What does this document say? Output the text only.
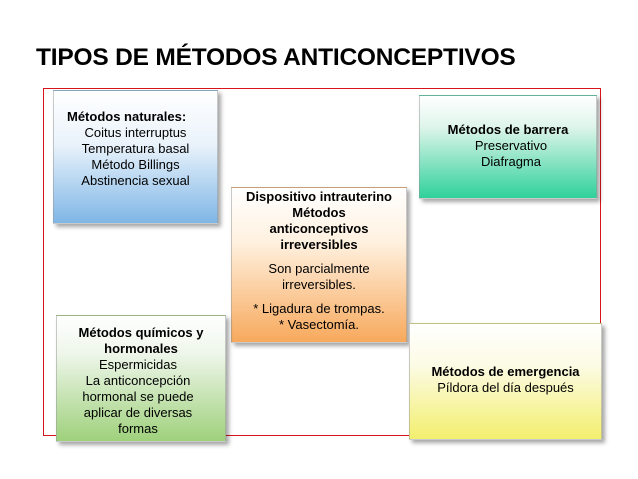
TIPOS DE MÉTODOS ANTICONCEPTIVOS
Métodos naturales:
Coitus interruptus
Temperatura basal
Método Billings
Abstinencia sexual
Métodos de barrera
Preservativo
Diafragma
Dispositivo intrauterino
Métodos
anticonceptivos
irreversibles
Son parcialmente
irreversibles.
* Ligadura de trompas.
* Vasectomía.
Métodos químicos y
hormonales
Espermicidas
La anticoncepción
hormonal se puede
aplicar de diversas
formas
Métodos de emergencia
Píldora del día después
